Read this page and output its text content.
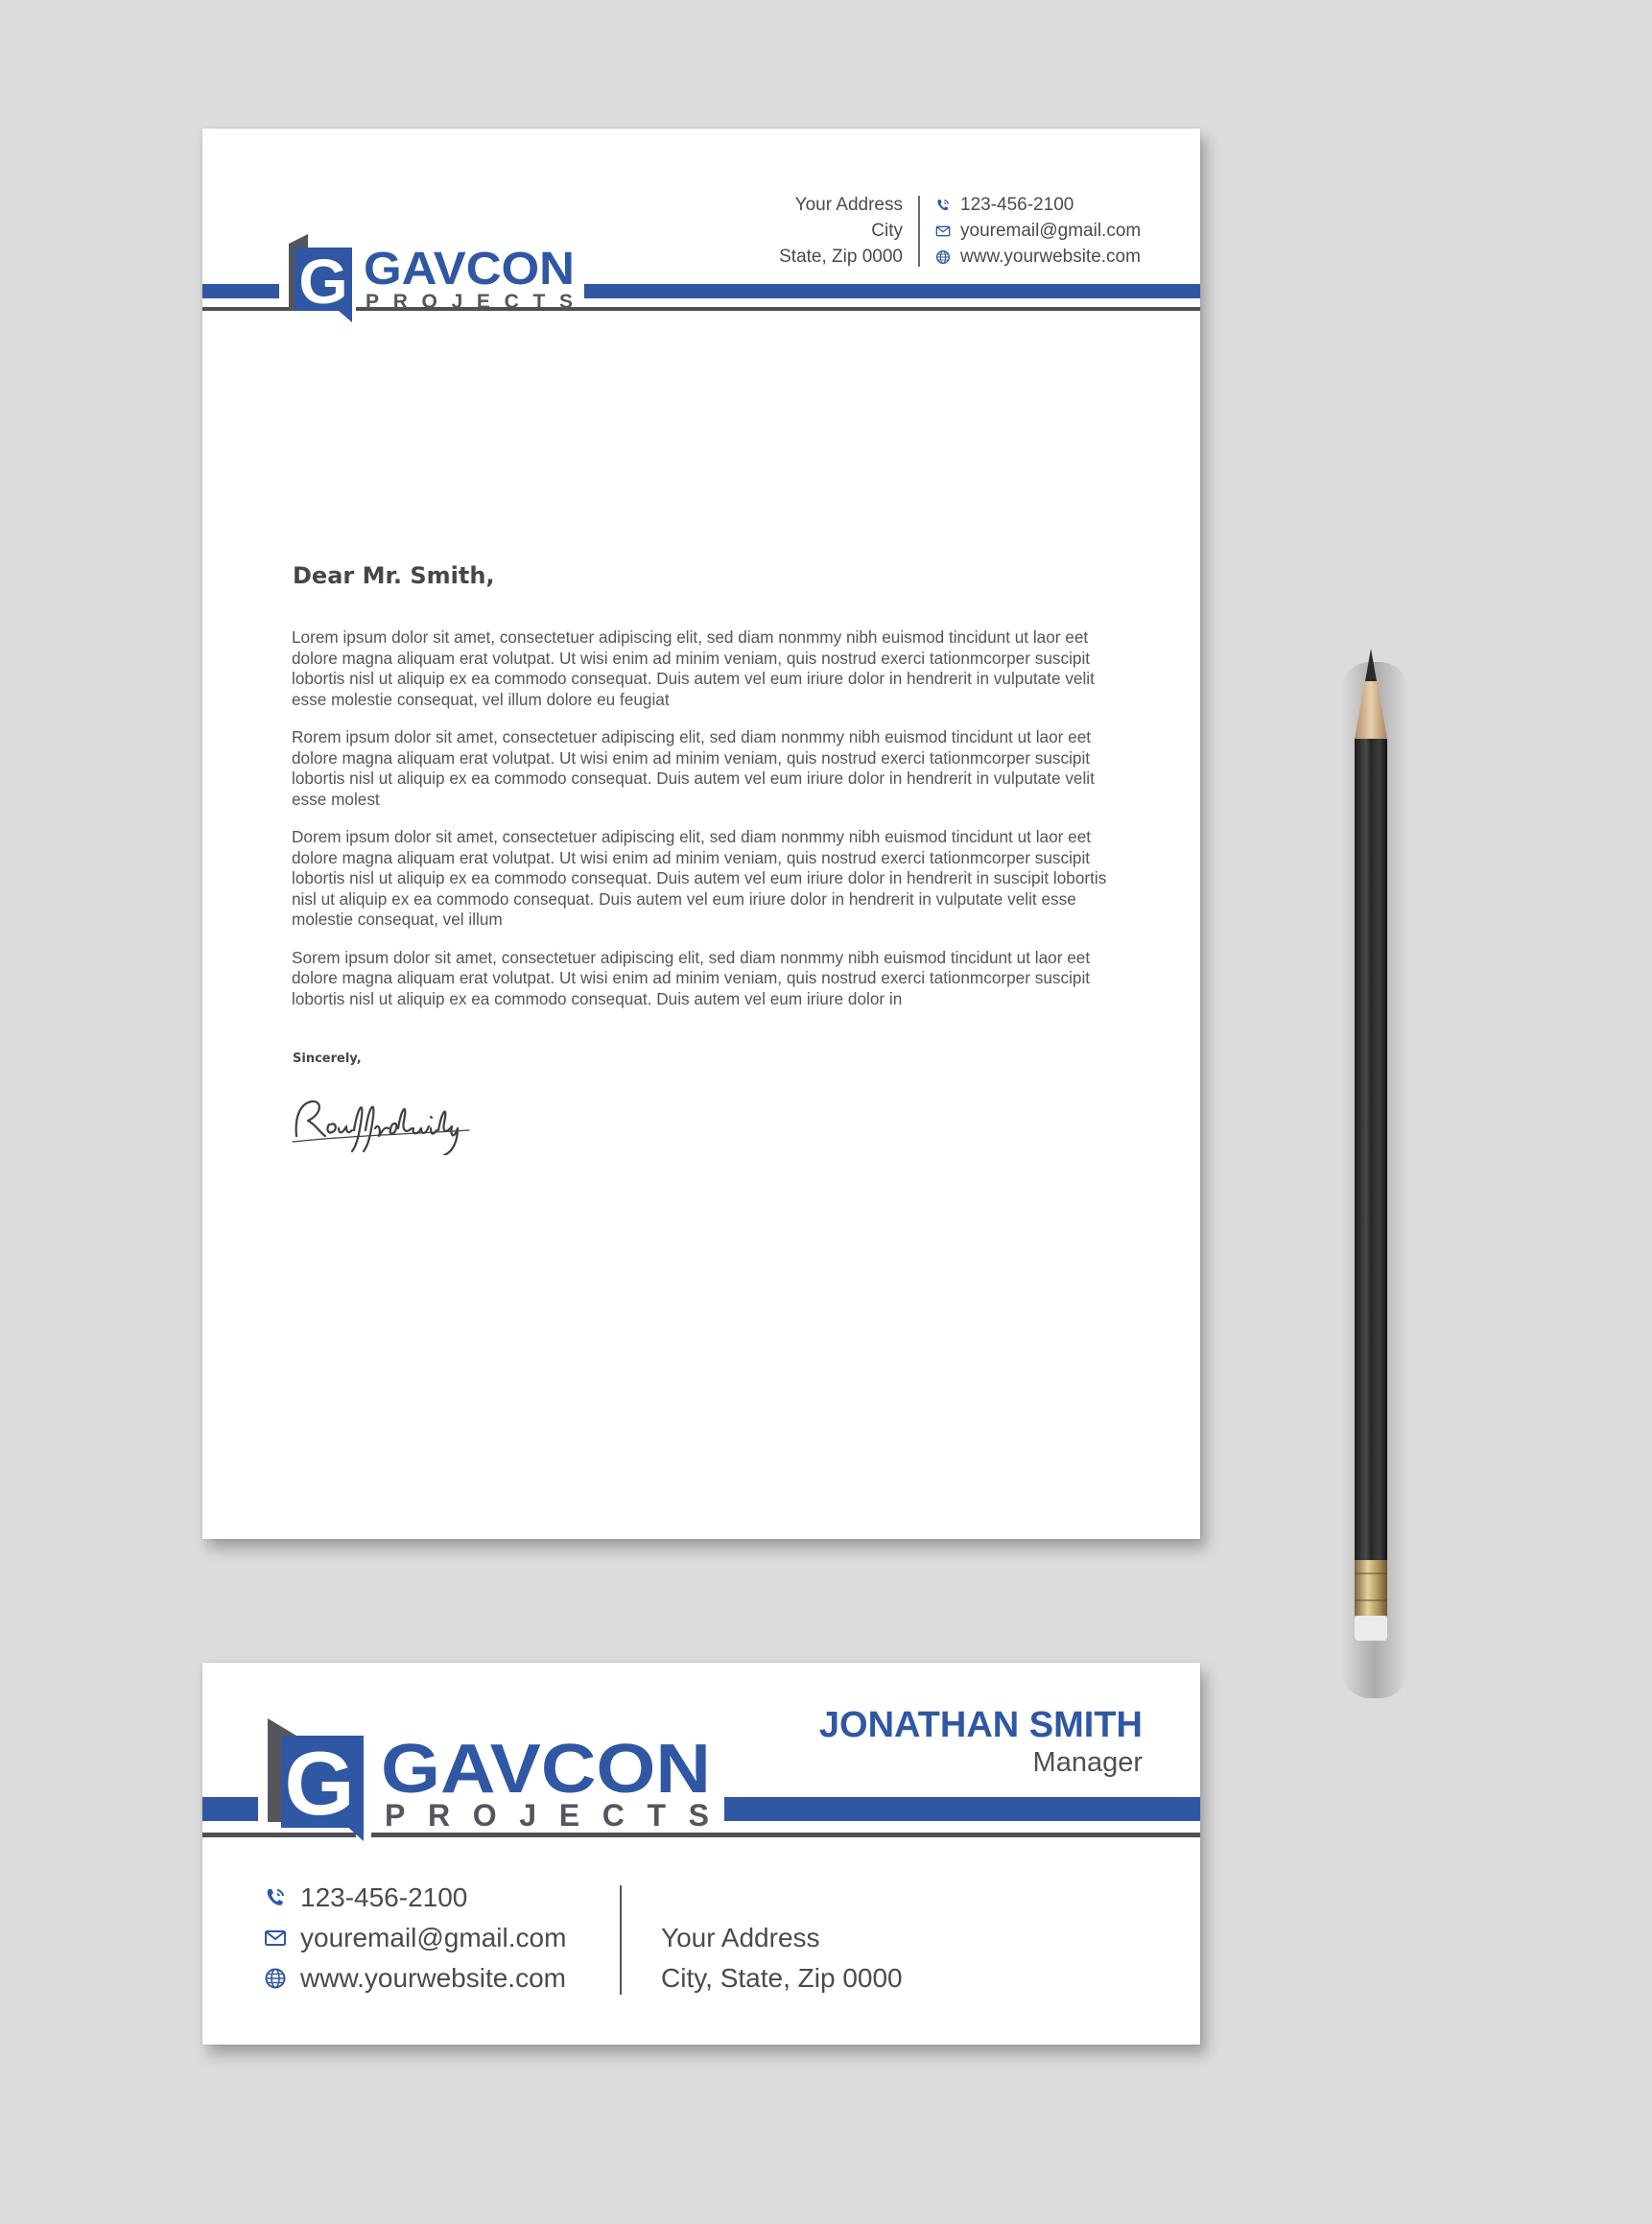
G GAVCON
PROJECTS
Your Address
City
State, Zip 0000
123-456-2100
youremail@gmail.com
www.yourwebsite.com
Dear Mr. Smith,

Lorem ipsum dolor sit amet, consectetuer adipiscing elit, sed diam nonmmy nibh euismod tincidunt ut laor eet dolore magna aliquam erat volutpat. Ut wisi enim ad minim veniam, quis nostrud exerci tationmcorper suscipit lobortis nisl ut aliquip ex ea commodo consequat. Duis autem vel eum iriure dolor in hendrerit in vulputate velit esse molestie consequat, vel illum dolore eu feugiat

Rorem ipsum dolor sit amet, consectetuer adipiscing elit, sed diam nonmmy nibh euismod tincidunt ut laor eet dolore magna aliquam erat volutpat. Ut wisi enim ad minim veniam, quis nostrud exerci tationmcorper suscipit lobortis nisl ut aliquip ex ea commodo consequat. Duis autem vel eum iriure dolor in hendrerit in vulputate velit esse molest

Dorem ipsum dolor sit amet, consectetuer adipiscing elit, sed diam nonmmy nibh euismod tincidunt ut laor eet dolore magna aliquam erat volutpat. Ut wisi enim ad minim veniam, quis nostrud exerci tationmcorper suscipit lobortis nisl ut aliquip ex ea commodo consequat. Duis autem vel eum iriure dolor in hendrerit in suscipit lobortis nisl ut aliquip ex ea commodo consequat. Duis autem vel eum iriure dolor in hendrerit in vulputate velit esse molestie consequat, vel illum

Sorem ipsum dolor sit amet, consectetuer adipiscing elit, sed diam nonmmy nibh euismod tincidunt ut laor eet dolore magna aliquam erat volutpat. Ut wisi enim ad minim veniam, quis nostrud exerci tationmcorper suscipit lobortis nisl ut aliquip ex ea commodo consequat. Duis autem vel eum iriure dolor in

Sincerely,
G GAVCON
PROJECTS
JONATHAN SMITH
Manager
123-456-2100
youremail@gmail.com
www.yourwebsite.com
Your Address
City, State, Zip 0000
